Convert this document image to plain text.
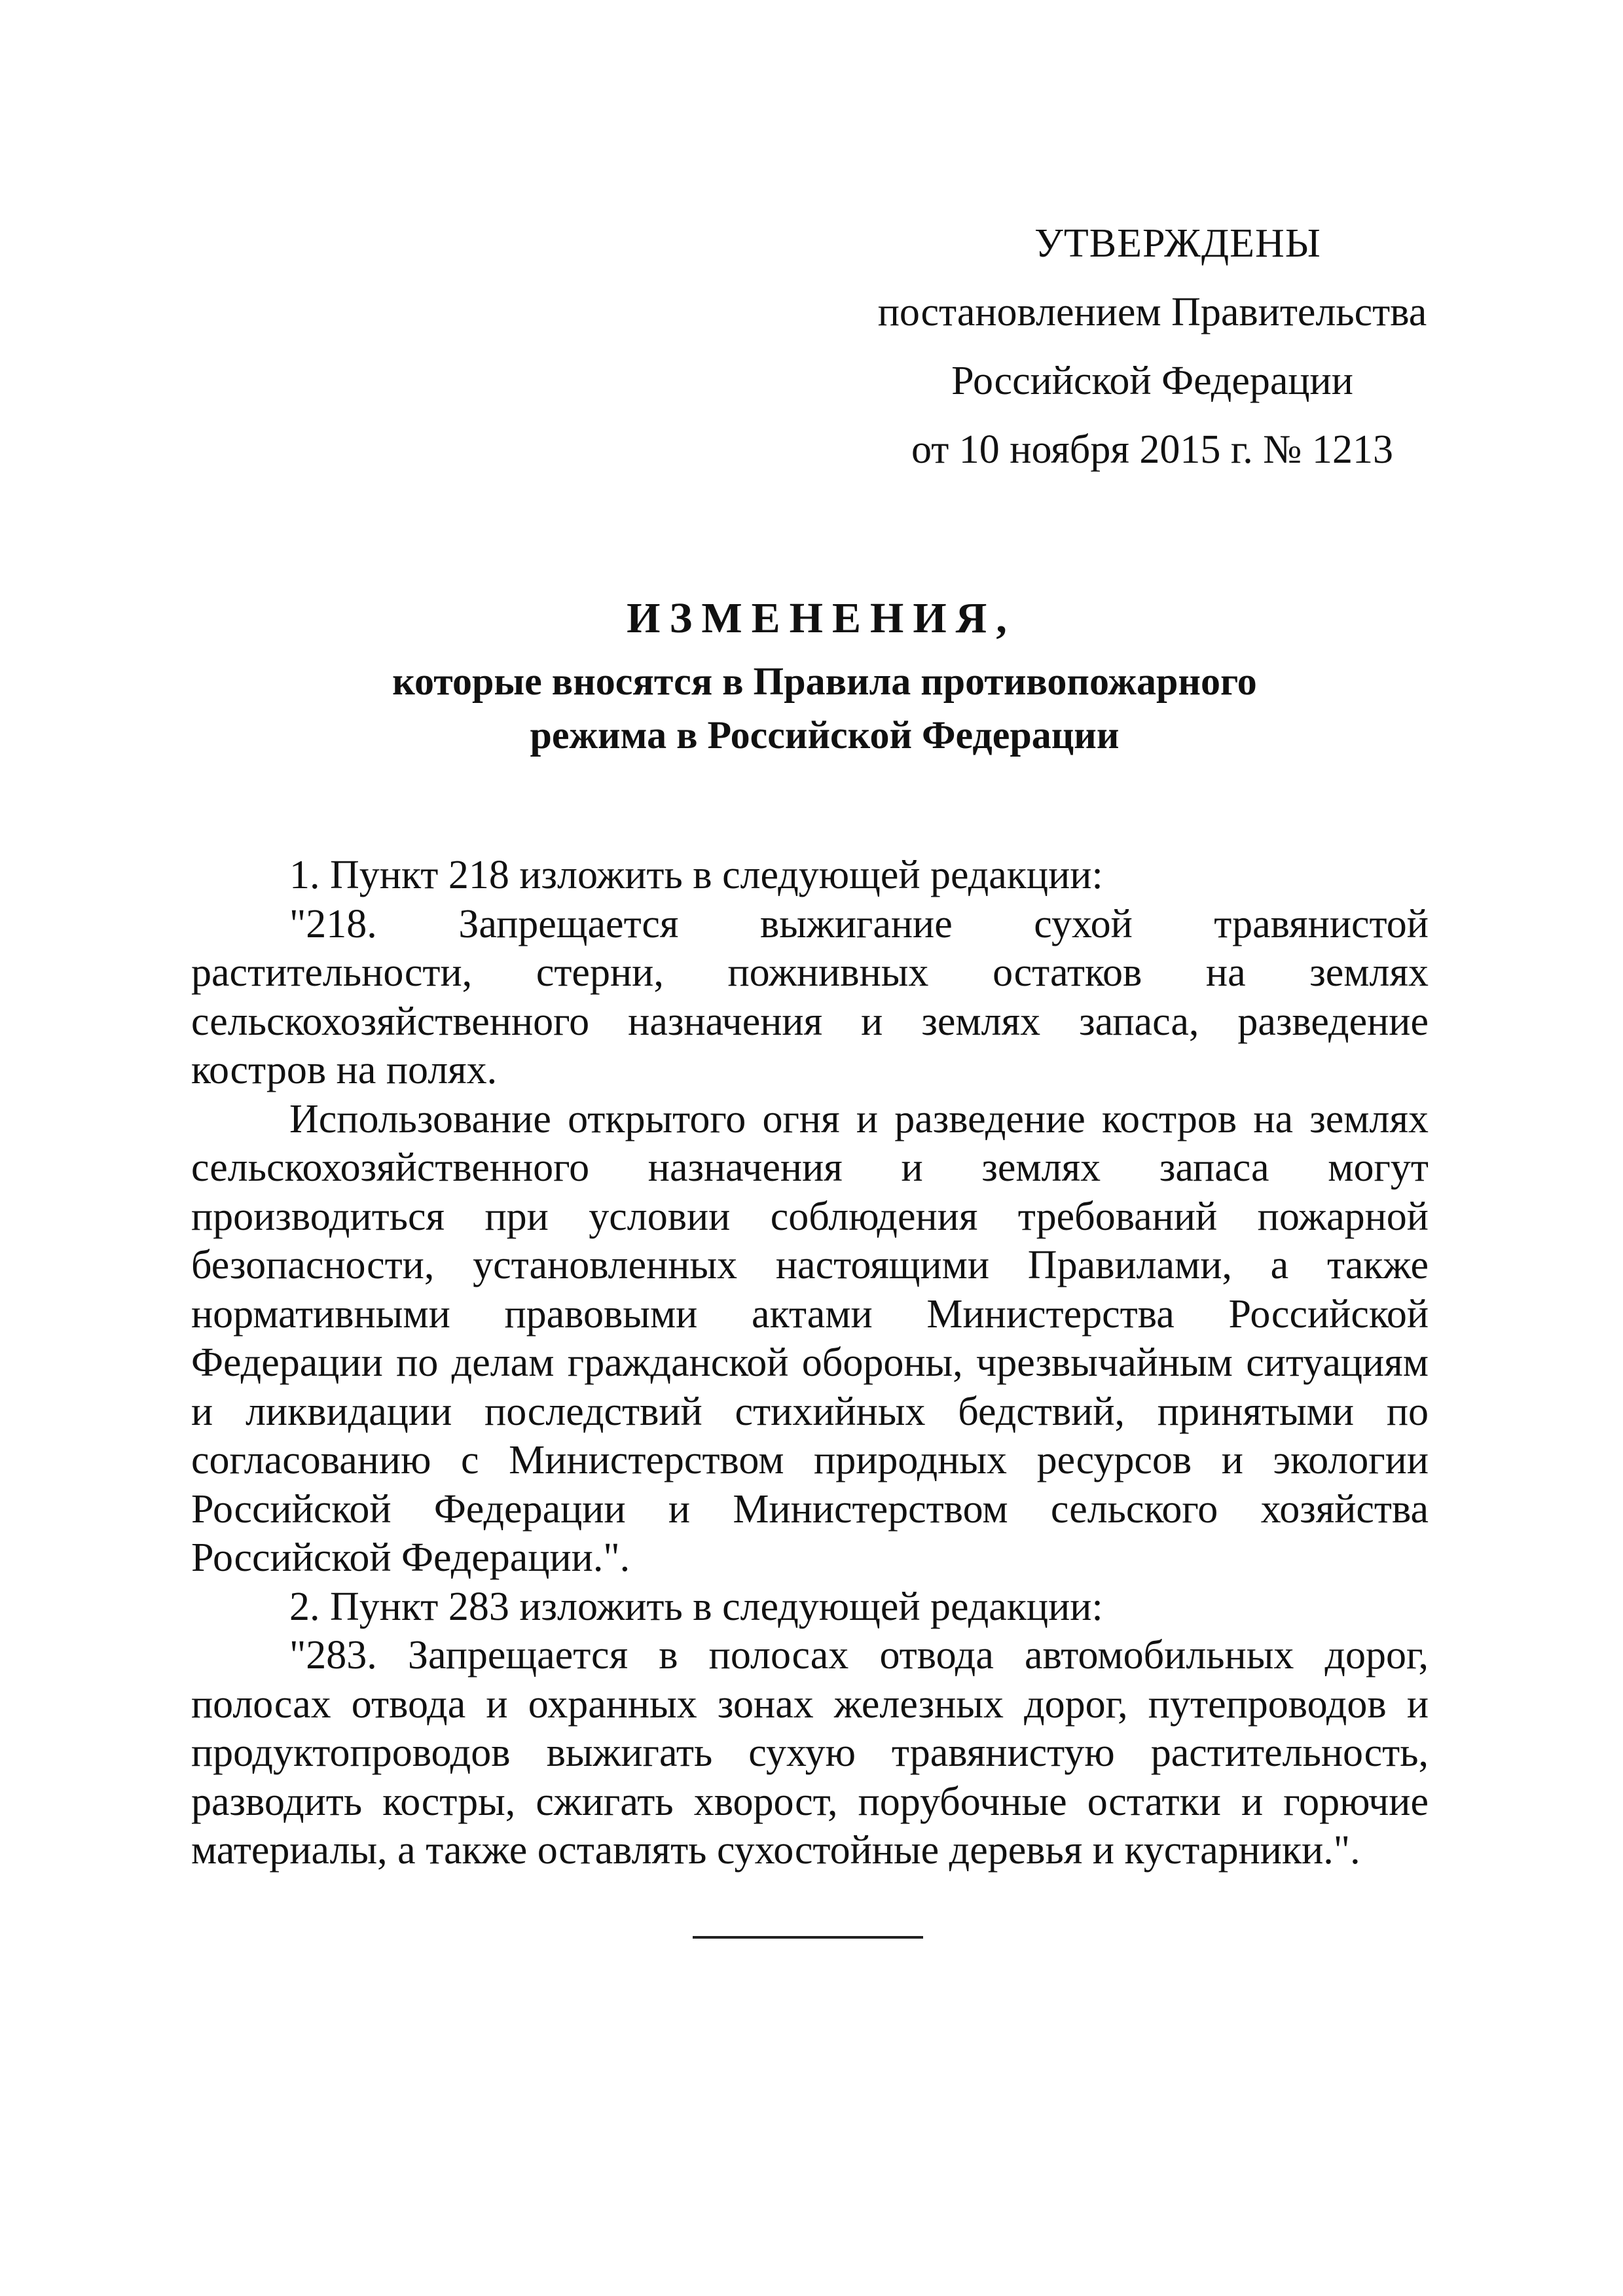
УТВЕРЖДЕНЫ
постановлением Правительства
Российской Федерации
от 10 ноября 2015 г. № 1213
ИЗМЕНЕНИЯ,
которые вносятся в Правила противопожарного
режима в Российской Федерации

1. Пункт 218 изложить в следующей редакции:

"218. Запрещается выжигание сухой травянистой растительности, стерни, пожнивных остатков на землях сельскохозяйственного назначения и землях запаса, разведение костров на полях.

Использование открытого огня и разведение костров на землях сельскохозяйственного назначения и землях запаса могут производиться при условии соблюдения требований пожарной безопасности, установленных настоящими Правилами, а также нормативными правовыми актами Министерства Российской Федерации по делам гражданской обороны, чрезвычайным ситуациям и ликвидации последствий стихийных бедствий, принятыми по согласованию с Министерством природных ресурсов и экологии Российской Федерации и Министерством сельского хозяйства Российской Федерации.".

2. Пункт 283 изложить в следующей редакции:

"283. Запрещается в полосах отвода автомобильных дорог, полосах отвода и охранных зонах железных дорог, путепроводов и продуктопроводов выжигать сухую травянистую растительность, разводить костры, сжигать хворост, порубочные остатки и горючие материалы, а также оставлять сухостойные деревья и кустарники.".
